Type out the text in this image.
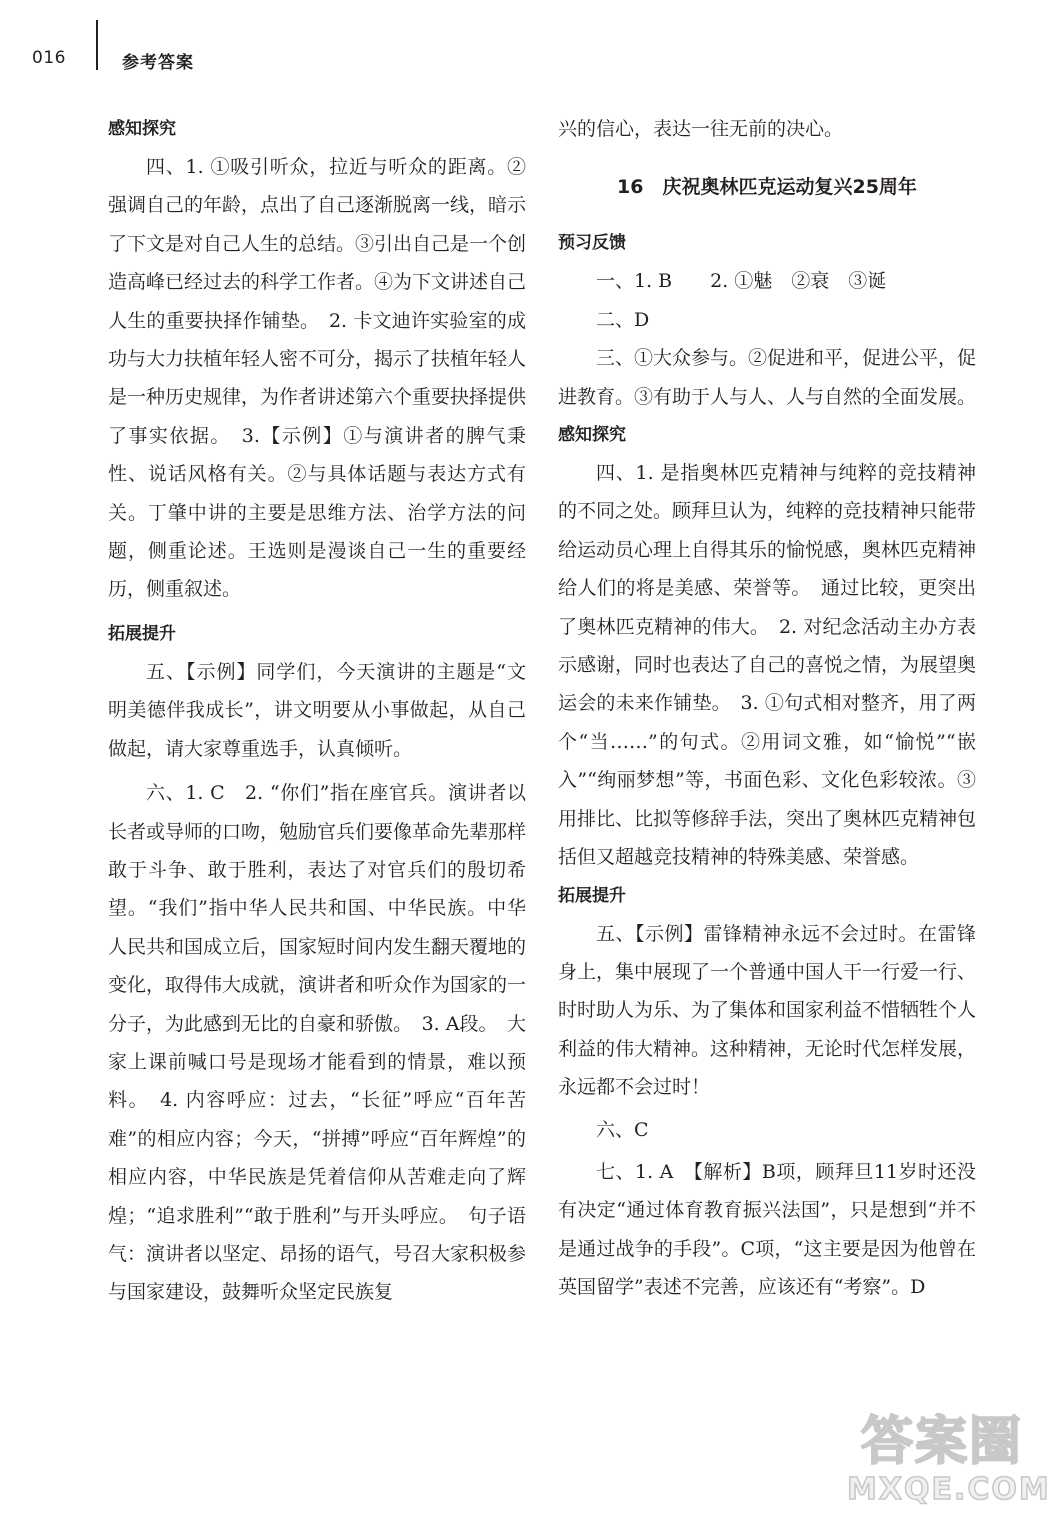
016	参考答案
感知探究

四、1. ①吸引听众，拉近与听众的距离。②强调自己的年龄，点出了自己逐渐脱离一线，暗示了下文是对自己人生的总结。③引出自己是一个创造高峰已经过去的科学工作者。④为下文讲述自己人生的重要抉择作铺垫。　2. 卡文迪许实验室的成功与大力扶植年轻人密不可分，揭示了扶植年轻人是一种历史规律，为作者讲述第六个重要抉择提供了事实依据。　3.【示例】①与演讲者的脾气秉性、说话风格有关。②与具体话题与表达方式有关。丁肇中讲的主要是思维方法、治学方法的问题，侧重论述。王选则是漫谈自己一生的重要经历，侧重叙述。

拓展提升

五、【示例】同学们，今天演讲的主题是“文明美德伴我成长”，讲文明要从小事做起，从自己做起，请大家尊重选手，认真倾听。

六、1. C　2. “你们”指在座官兵。演讲者以长者或导师的口吻，勉励官兵们要像革命先辈那样敢于斗争、敢于胜利，表达了对官兵们的殷切希望。“我们”指中华人民共和国、中华民族。中华人民共和国成立后，国家短时间内发生翻天覆地的变化，取得伟大成就，演讲者和听众作为国家的一分子，为此感到无比的自豪和骄傲。　3. A段。　大家上课前喊口号是现场才能看到的情景，难以预料。　4. 内容呼应：过去，“长征”呼应“百年苦难”的相应内容；今天，“拼搏”呼应“百年辉煌”的相应内容，中华民族是凭着信仰从苦难走向了辉煌；“追求胜利”“敢于胜利”与开头呼应。　句子语气：演讲者以坚定、昂扬的语气，号召大家积极参与国家建设，鼓舞听众坚定民族复

兴的信心，表达一往无前的决心。

16　庆祝奥林匹克运动复兴25周年
预习反馈

一、1. B　　2. ①魅　②衰　③诞

二、D

三、①大众参与。②促进和平，促进公平，促进教育。③有助于人与人、人与自然的全面发展。

感知探究

四、1. 是指奥林匹克精神与纯粹的竞技精神的不同之处。顾拜旦认为，纯粹的竞技精神只能带给运动员心理上自得其乐的愉悦感，奥林匹克精神给人们的将是美感、荣誉等。　通过比较，更突出了奥林匹克精神的伟大。　2. 对纪念活动主办方表示感谢，同时也表达了自己的喜悦之情，为展望奥运会的未来作铺垫。　3. ①句式相对整齐，用了两个“当……”的句式。②用词文雅，如“愉悦”“嵌入”“绚丽梦想”等，书面色彩、文化色彩较浓。③用排比、比拟等修辞手法，突出了奥林匹克精神包括但又超越竞技精神的特殊美感、荣誉感。

拓展提升

五、【示例】雷锋精神永远不会过时。在雷锋身上，集中展现了一个普通中国人干一行爱一行、时时助人为乐、为了集体和国家利益不惜牺牲个人利益的伟大精神。这种精神，无论时代怎样发展，永远都不会过时！

六、C

七、1. A　【解析】B项，顾拜旦11岁时还没有决定“通过体育教育振兴法国”，只是想到“并不是通过战争的手段”。C项，“这主要是因为他曾在英国留学”表述不完善，应该还有“考察”。D

答案圈
MXQE.COM
